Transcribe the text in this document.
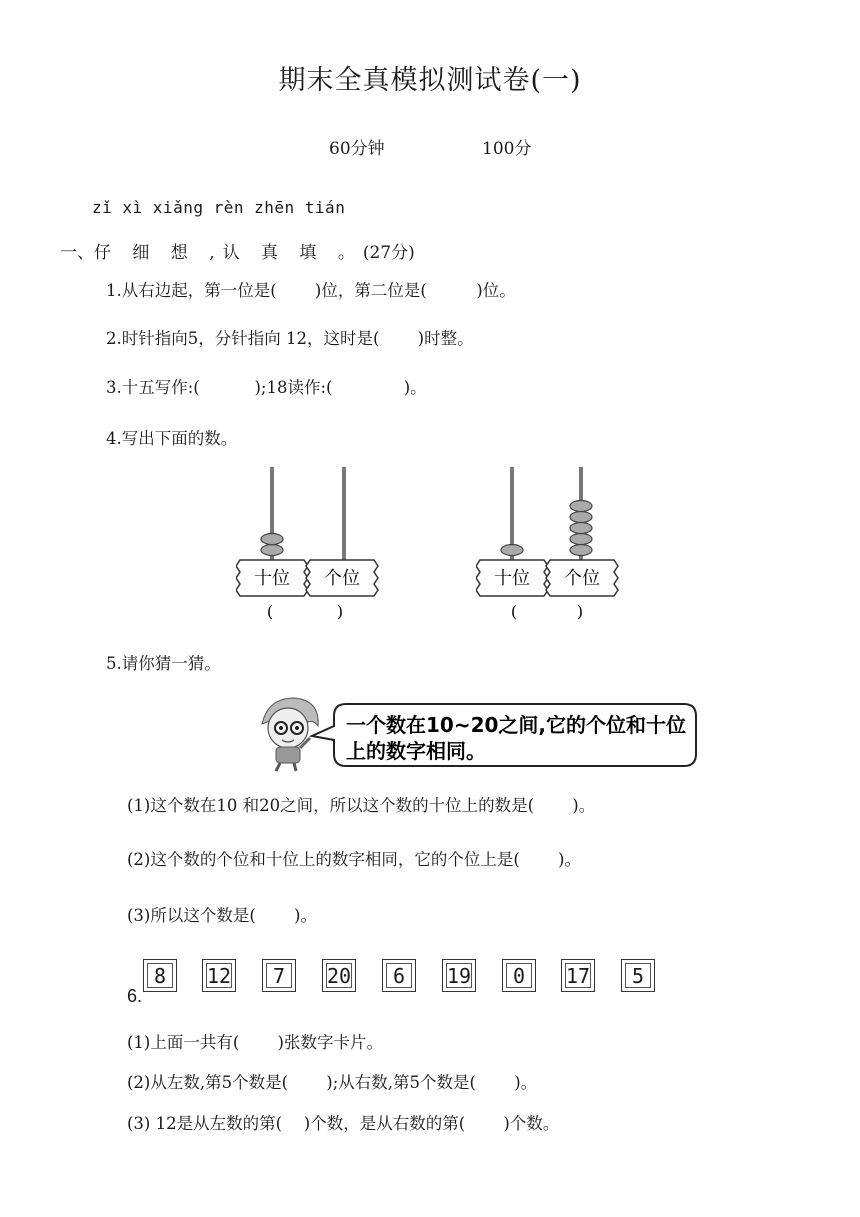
期末全真模拟测试卷(一)
60分钟	100分
zǐ xì xiǎng rèn zhēn tián
一、仔 细 想 ,认 真 填 。(27分)
1.从右边起，第一位是(　　 )位，第二位是(　　　)位。
2.时针指向5，分针指向 12，这时是(　　 )时整。
3.十五写作:(　　　 );18读作:(　　　　 )。
4.写出下面的数。
十位 个位
(	)
十位 个位
(	)
5.请你猜一猜。
一个数在10~20之间,它的个位和十位
上的数字相同。
(1)这个数在10 和20之间，所以这个数的十位上的数是(　　 )。
(2)这个数的个位和十位上的数字相同，它的个位上是(　　 )。
(3)所以这个数是(　　 )。
8	12	7	20	6	19	0	17	5
6.
(1)上面一共有(　　 )张数字卡片。
(2)从左数,第5个数是(　　 );从右数,第5个数是(　　 )。
(3) 12是从左数的第(　 )个数，是从右数的第(　　 )个数。
